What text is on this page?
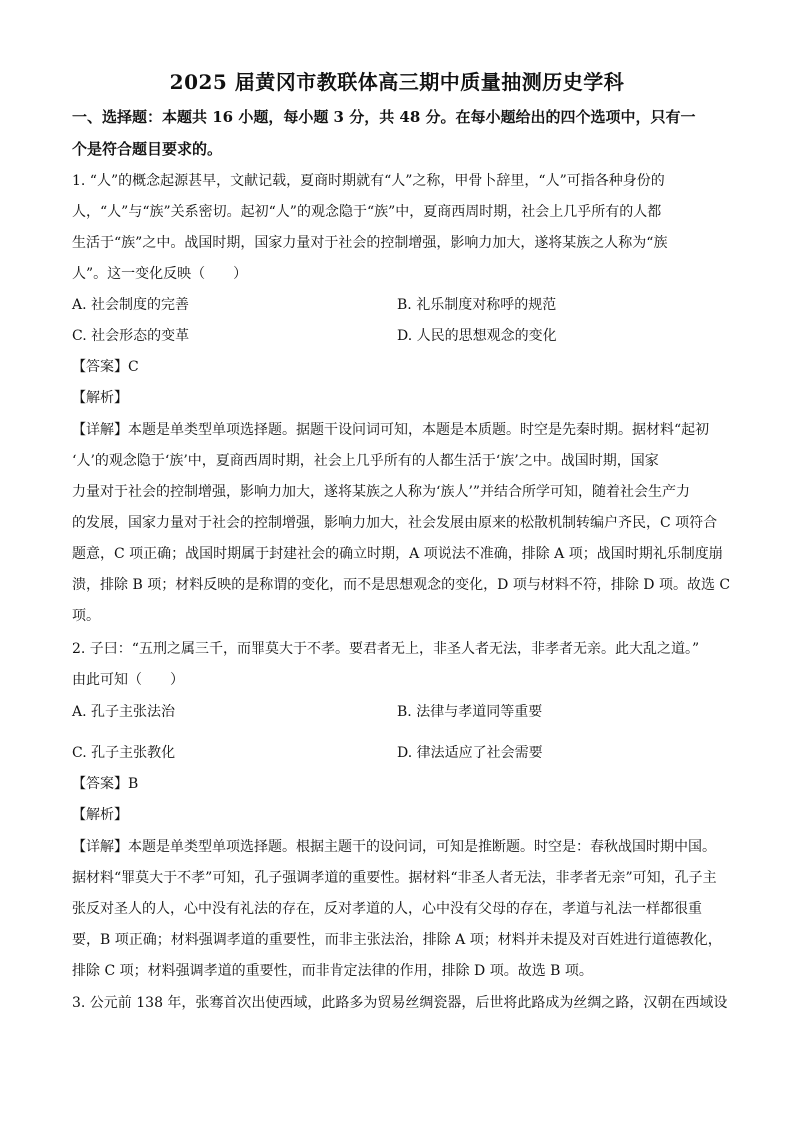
2025 届黄冈市教联体高三期中质量抽测历史学科
一、选择题：本题共 16 小题，每小题 3 分，共 48 分。在每小题给出的四个选项中，只有一
个是符合题目要求的。
1. “人”的概念起源甚早，文献记载，夏商时期就有“人”之称，甲骨卜辞里，“人”可指各种身份的
人，“人”与“族”关系密切。起初“人”的观念隐于“族”中，夏商西周时期，社会上几乎所有的人都
生活于“族”之中。战国时期，国家力量对于社会的控制增强，影响力加大，遂将某族之人称为“族
人”。这一变化反映（　　）
A. 社会制度的完善	B. 礼乐制度对称呼的规范
C. 社会形态的变革	D. 人民的思想观念的变化
【答案】C
【解析】
【详解】本题是单类型单项选择题。据题干设问词可知，本题是本质题。时空是先秦时期。据材料“起初
‘人’的观念隐于‘族’中，夏商西周时期，社会上几乎所有的人都生活于‘族’之中。战国时期，国家
力量对于社会的控制增强，影响力加大，遂将某族之人称为‘族人’”并结合所学可知，随着社会生产力
的发展，国家力量对于社会的控制增强，影响力加大，社会发展由原来的松散机制转编户齐民，C 项符合
题意，C 项正确；战国时期属于封建社会的确立时期，A 项说法不准确，排除 A 项；战国时期礼乐制度崩
溃，排除 B 项；材料反映的是称谓的变化，而不是思想观念的变化，D 项与材料不符，排除 D 项。故选 C
项。
2. 子曰：“五刑之属三千，而罪莫大于不孝。要君者无上，非圣人者无法，非孝者无亲。此大乱之道。”
由此可知（　　）
A. 孔子主张法治	B. 法律与孝道同等重要
C. 孔子主张教化	D. 律法适应了社会需要
【答案】B
【解析】
【详解】本题是单类型单项选择题。根据主题干的设问词，可知是推断题。时空是：春秋战国时期中国。
据材料“罪莫大于不孝”可知，孔子强调孝道的重要性。据材料“非圣人者无法，非孝者无亲”可知，孔子主
张反对圣人的人，心中没有礼法的存在，反对孝道的人，心中没有父母的存在，孝道与礼法一样都很重
要，B 项正确；材料强调孝道的重要性，而非主张法治，排除 A 项；材料并未提及对百姓进行道德教化，
排除 C 项；材料强调孝道的重要性，而非肯定法律的作用，排除 D 项。故选 B 项。
3. 公元前 138 年，张骞首次出使西域，此路多为贸易丝绸瓷器，后世将此路成为丝绸之路，汉朝在西域设
